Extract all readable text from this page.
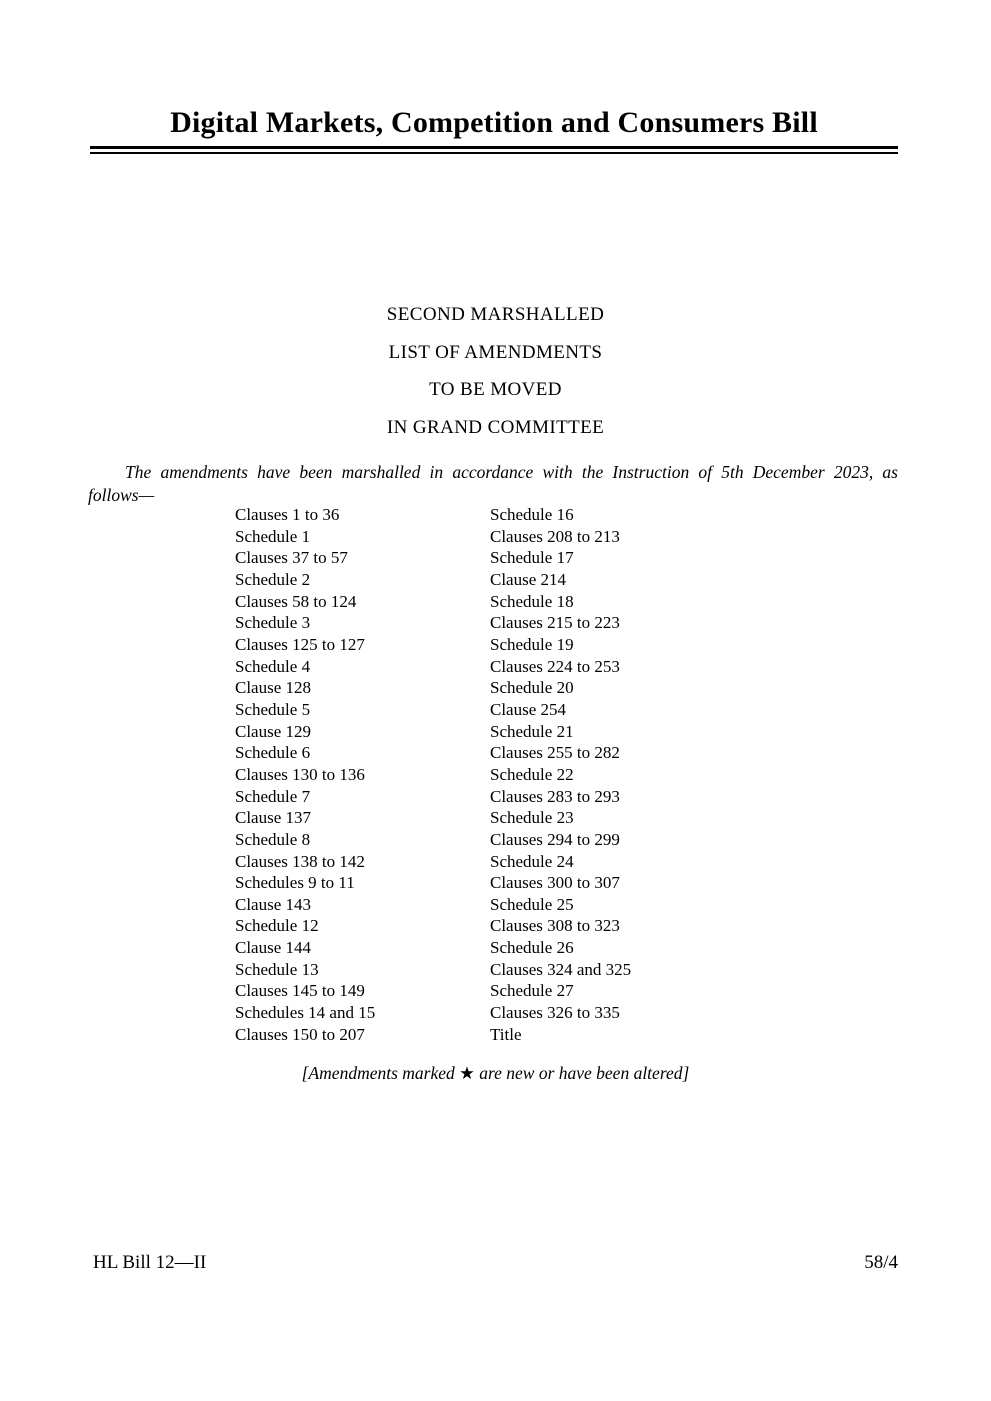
Digital Markets, Competition and Consumers Bill
SECOND MARSHALLED
LIST OF AMENDMENTS
TO BE MOVED
IN GRAND COMMITTEE

The amendments have been marshalled in accordance with the Instruction of 5th December 2023, as

follows—

Clauses 1 to 36
Schedule 1
Clauses 37 to 57
Schedule 2
Clauses 58 to 124
Schedule 3
Clauses 125 to 127
Schedule 4
Clause 128
Schedule 5
Clause 129
Schedule 6
Clauses 130 to 136
Schedule 7
Clause 137
Schedule 8
Clauses 138 to 142
Schedules 9 to 11
Clause 143
Schedule 12
Clause 144
Schedule 13
Clauses 145 to 149
Schedules 14 and 15
Clauses 150 to 207
Schedule 16
Clauses 208 to 213
Schedule 17
Clause 214
Schedule 18
Clauses 215 to 223
Schedule 19
Clauses 224 to 253
Schedule 20
Clause 254
Schedule 21
Clauses 255 to 282
Schedule 22
Clauses 283 to 293
Schedule 23
Clauses 294 to 299
Schedule 24
Clauses 300 to 307
Schedule 25
Clauses 308 to 323
Schedule 26
Clauses 324 and 325
Schedule 27
Clauses 326 to 335
Title

[Amendments marked ★ are new or have been altered]

HL Bill 12—II	58/4
